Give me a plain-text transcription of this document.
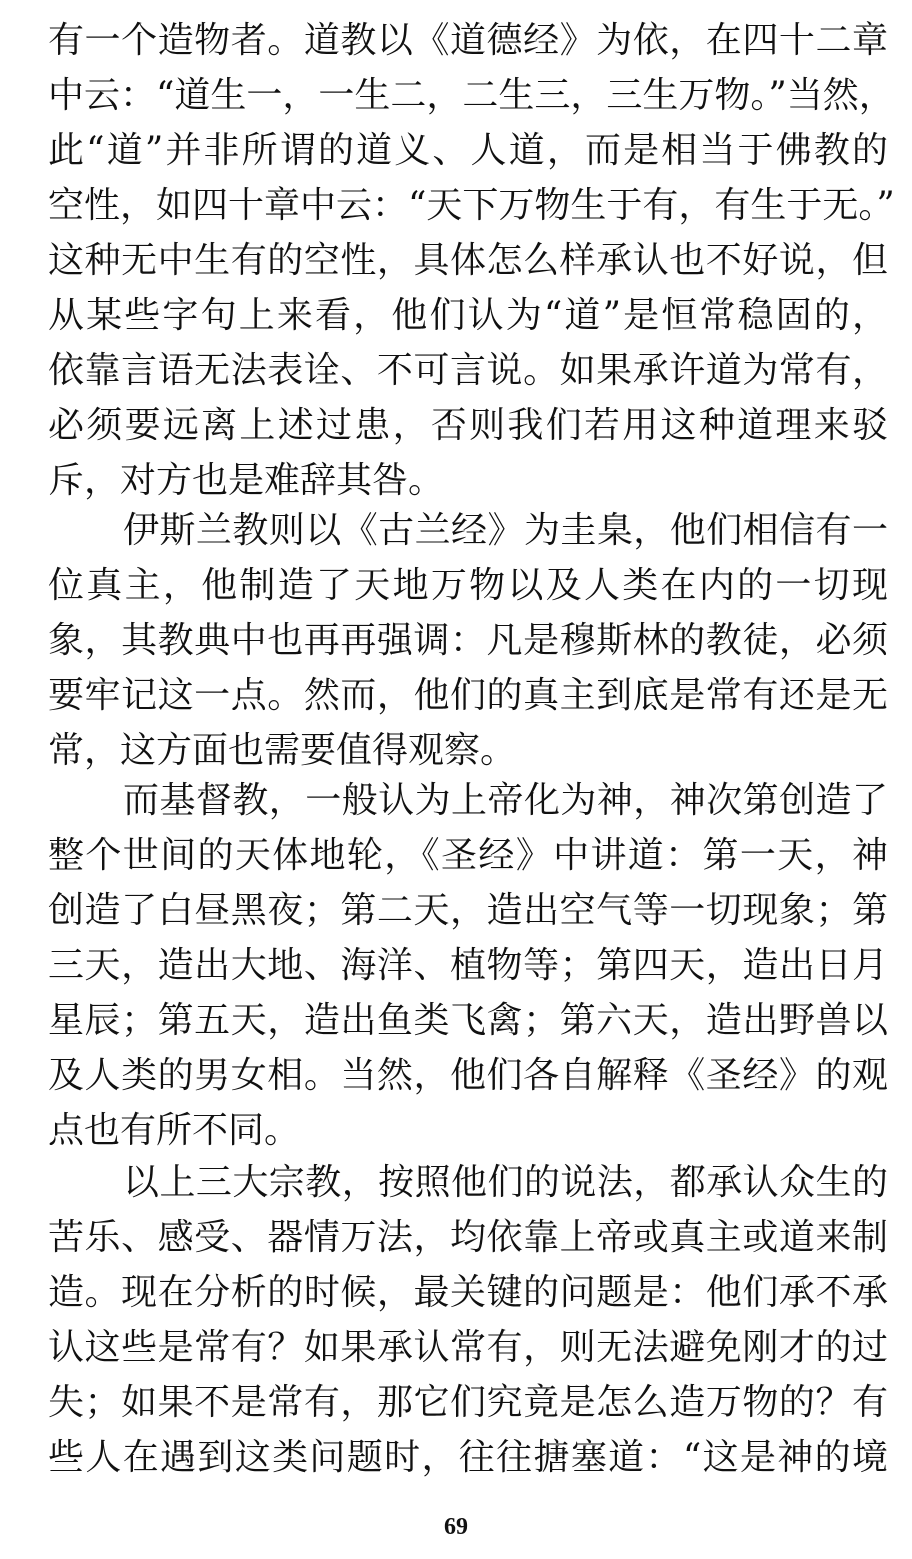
有一个造物者。道教以《道德经》为依，在四十二章
中云：“道生一，一生二，二生三，三生万物。”当然，
此“道”并非所谓的道义、人道，而是相当于佛教的
空性，如四十章中云：“天下万物生于有，有生于无。”
这种无中生有的空性，具体怎么样承认也不好说，但
从某些字句上来看，他们认为“道”是恒常稳固的，
依靠言语无法表诠、不可言说。如果承许道为常有，
必须要远离上述过患，否则我们若用这种道理来驳
斥，对方也是难辞其咎。
伊斯兰教则以《古兰经》为圭臬，他们相信有一
位真主，他制造了天地万物以及人类在内的一切现
象，其教典中也再再强调：凡是穆斯林的教徒，必须
要牢记这一点。然而，他们的真主到底是常有还是无
常，这方面也需要值得观察。
而基督教，一般认为上帝化为神，神次第创造了
整个世间的天体地轮，《圣经》中讲道：第一天，神
创造了白昼黑夜；第二天，造出空气等一切现象；第
三天，造出大地、海洋、植物等；第四天，造出日月
星辰；第五天，造出鱼类飞禽；第六天，造出野兽以
及人类的男女相。当然，他们各自解释《圣经》的观
点也有所不同。
以上三大宗教，按照他们的说法，都承认众生的
苦乐、感受、器情万法，均依靠上帝或真主或道来制
造。现在分析的时候，最关键的问题是：他们承不承
认这些是常有？如果承认常有，则无法避免刚才的过
失；如果不是常有，那它们究竟是怎么造万物的？有
些人在遇到这类问题时，往往搪塞道：“这是神的境
69
